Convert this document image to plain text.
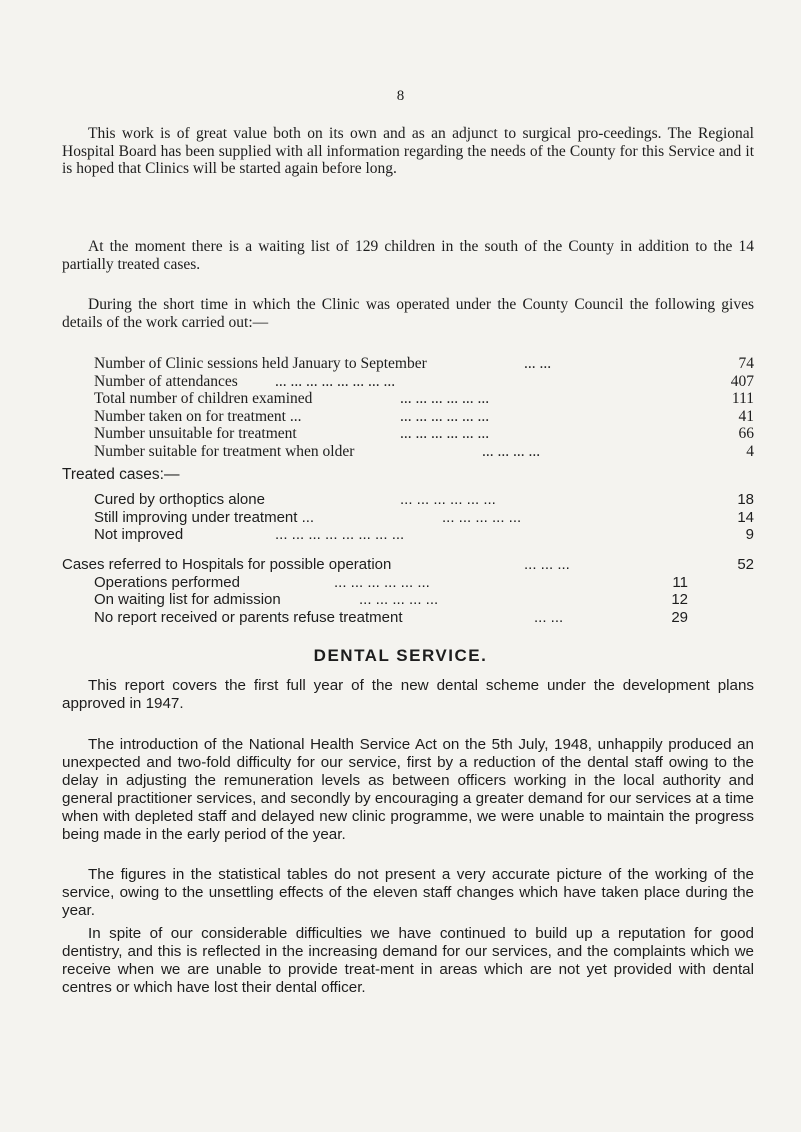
8

This work is of great value both on its own and as an adjunct to surgical pro-ceedings. The Regional Hospital Board has been supplied with all information regarding the needs of the County for this Service and it is hoped that Clinics will be started again before long.

At the moment there is a waiting list of 129 children in the south of the County in addition to the 14 partially treated cases.

During the short time in which the Clinic was operated under the County Council the following gives details of the work carried out:—

Number of Clinic sessions held January to September	... ...	74
Number of attendances ... ... ... ... ... ... ... ...	407
Total number of children examined	... ... ... ... ... ...	111
Number taken on for treatment ...	... ... ... ... ... ...	41
Number unsuitable for treatment	... ... ... ... ... ...	66
Number suitable for treatment when older	... ... ... ...	4
Treated cases:—
Cured by orthoptics alone	... ... ... ... ... ...	18
Still improving under treatment ...	... ... ... ... ...	14
Not improved	... ... ... ... ... ... ... ...	9
Cases referred to Hospitals for possible operation	... ... ...	52
Operations performed	... ... ... ... ... ...	11
On waiting list for admission	... ... ... ... ...	12
No report received or parents refuse treatment	... ...	29
DENTAL SERVICE.

This report covers the first full year of the new dental scheme under the development plans approved in 1947.

The introduction of the National Health Service Act on the 5th July, 1948, unhappily produced an unexpected and two-fold difficulty for our service, first by a reduction of the dental staff owing to the delay in adjusting the remuneration levels as between officers working in the local authority and general practitioner services, and secondly by encouraging a greater demand for our services at a time when with depleted staff and delayed new clinic programme, we were unable to maintain the progress being made in the early period of the year.

The figures in the statistical tables do not present a very accurate picture of the working of the service, owing to the unsettling effects of the eleven staff changes which have taken place during the year.

In spite of our considerable difficulties we have continued to build up a reputation for good dentistry, and this is reflected in the increasing demand for our services, and the complaints which we receive when we are unable to provide treat-ment in areas which are not yet provided with dental centres or which have lost their dental officer.
